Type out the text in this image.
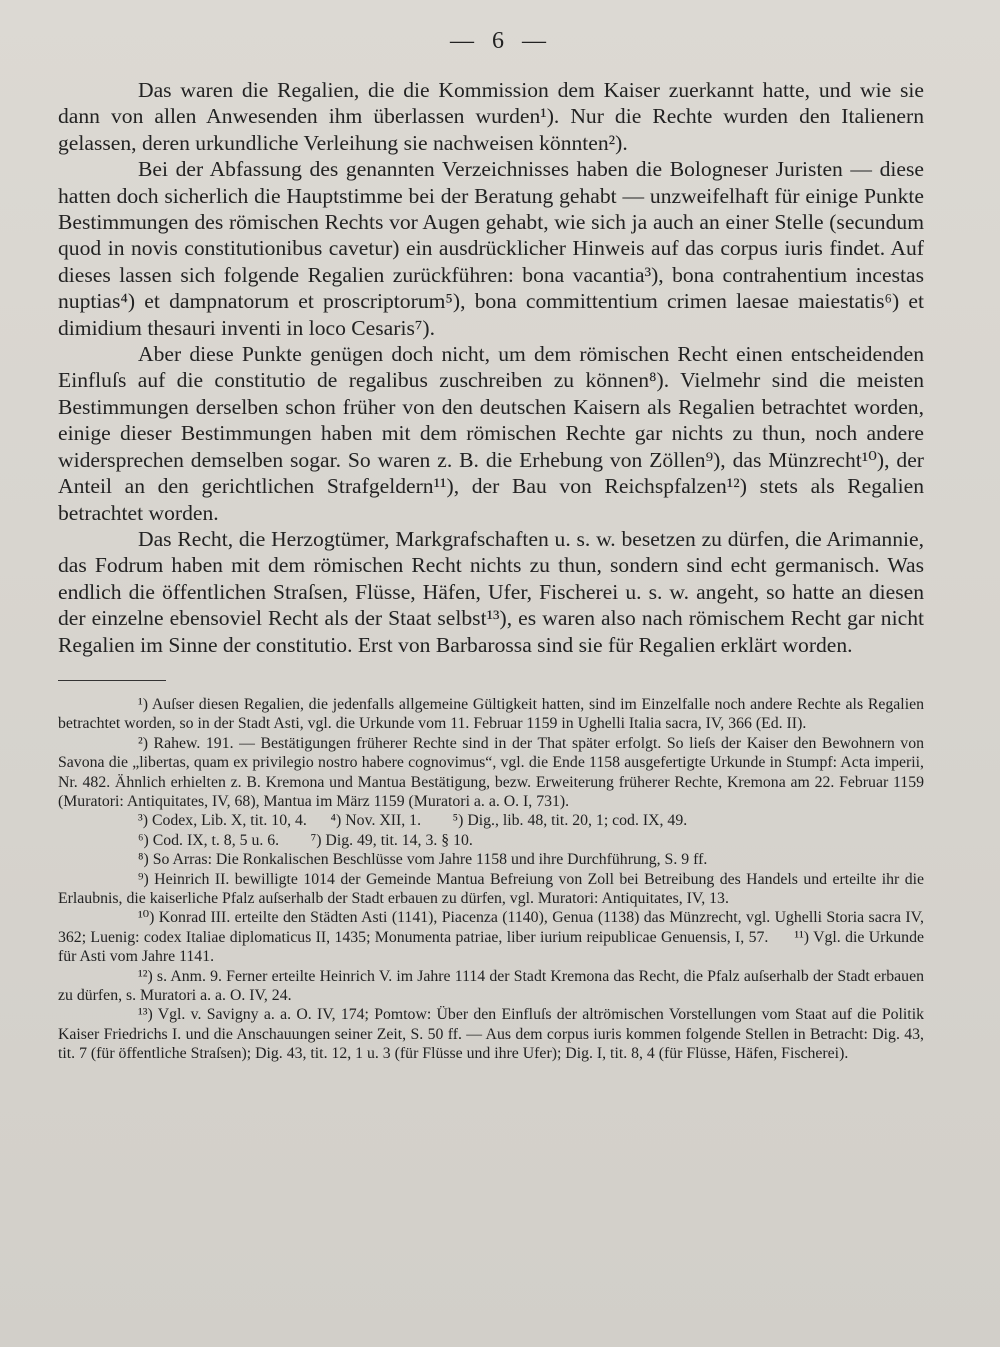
— 6 —

Das waren die Regalien, die die Kommission dem Kaiser zuerkannt hatte, und wie sie dann von allen Anwesenden ihm überlassen wurden¹). Nur die Rechte wurden den Italienern gelassen, deren urkundliche Verleihung sie nachweisen könnten²).

Bei der Abfassung des genannten Verzeichnisses haben die Bologneser Juristen — diese hatten doch sicherlich die Hauptstimme bei der Beratung gehabt — unzweifelhaft für einige Punkte Bestimmungen des römischen Rechts vor Augen gehabt, wie sich ja auch an einer Stelle (secundum quod in novis constitutionibus cavetur) ein ausdrücklicher Hinweis auf das corpus iuris findet. Auf dieses lassen sich folgende Regalien zurückführen: bona vacantia³), bona contrahentium incestas nuptias⁴) et dampnatorum et proscriptorum⁵), bona committentium crimen laesae maiestatis⁶) et dimidium thesauri inventi in loco Cesaris⁷).

Aber diese Punkte genügen doch nicht, um dem römischen Recht einen entscheidenden Einfluſs auf die constitutio de regalibus zuschreiben zu können⁸). Vielmehr sind die meisten Bestimmungen derselben schon früher von den deutschen Kaisern als Regalien betrachtet worden, einige dieser Bestimmungen haben mit dem römischen Rechte gar nichts zu thun, noch andere widersprechen demselben sogar. So waren z. B. die Erhebung von Zöllen⁹), das Münzrecht¹⁰), der Anteil an den gerichtlichen Strafgeldern¹¹), der Bau von Reichspfalzen¹²) stets als Regalien betrachtet worden.

Das Recht, die Herzogtümer, Markgrafschaften u. s. w. besetzen zu dürfen, die Arimannie, das Fodrum haben mit dem römischen Recht nichts zu thun, sondern sind echt germanisch. Was endlich die öffentlichen Straſsen, Flüsse, Häfen, Ufer, Fischerei u. s. w. angeht, so hatte an diesen der einzelne ebensoviel Recht als der Staat selbst¹³), es waren also nach römischem Recht gar nicht Regalien im Sinne der constitutio. Erst von Barbarossa sind sie für Regalien erklärt worden.

¹) Auſser diesen Regalien, die jedenfalls allgemeine Gültigkeit hatten, sind im Einzelfalle noch andere Rechte als Regalien betrachtet worden, so in der Stadt Asti, vgl. die Urkunde vom 11. Februar 1159 in Ughelli Italia sacra, IV, 366 (Ed. II).

²) Rahew. 191. — Bestätigungen früherer Rechte sind in der That später erfolgt. So lieſs der Kaiser den Bewohnern von Savona die „libertas, quam ex privilegio nostro habere cognovimus“, vgl. die Ende 1158 ausgefertigte Urkunde in Stumpf: Acta imperii, Nr. 482. Ähnlich erhielten z. B. Kremona und Mantua Bestätigung, bezw. Erweiterung früherer Rechte, Kremona am 22. Februar 1159 (Muratori: Antiquitates, IV, 68), Mantua im März 1159 (Muratori a. a. O. I, 731).

³) Codex, Lib. X, tit. 10, 4. ⁴) Nov. XII, 1. ⁵) Dig., lib. 48, tit. 20, 1; cod. IX, 49.
⁶) Cod. IX, t. 8, 5 u. 6. ⁷) Dig. 49, tit. 14, 3. § 10.

⁸) So Arras: Die Ronkalischen Beschlüsse vom Jahre 1158 und ihre Durchführung, S. 9 ff.

⁹) Heinrich II. bewilligte 1014 der Gemeinde Mantua Befreiung von Zoll bei Betreibung des Handels und erteilte ihr die Erlaubnis, die kaiserliche Pfalz auſserhalb der Stadt erbauen zu dürfen, vgl. Muratori: Antiquitates, IV, 13.

¹⁰) Konrad III. erteilte den Städten Asti (1141), Piacenza (1140), Genua (1138) das Münzrecht, vgl. Ughelli Storia sacra IV, 362; Luenig: codex Italiae diplomaticus II, 1435; Monumenta patriae, liber iurium reipublicae Genuensis, I, 57. ¹¹) Vgl. die Urkunde für Asti vom Jahre 1141.

¹²) s. Anm. 9. Ferner erteilte Heinrich V. im Jahre 1114 der Stadt Kremona das Recht, die Pfalz auſserhalb der Stadt erbauen zu dürfen, s. Muratori a. a. O. IV, 24.

¹³) Vgl. v. Savigny a. a. O. IV, 174; Pomtow: Über den Einfluſs der altrömischen Vorstellungen vom Staat auf die Politik Kaiser Friedrichs I. und die Anschauungen seiner Zeit, S. 50 ff. — Aus dem corpus iuris kommen folgende Stellen in Betracht: Dig. 43, tit. 7 (für öffentliche Straſsen); Dig. 43, tit. 12, 1 u. 3 (für Flüsse und ihre Ufer); Dig. I, tit. 8, 4 (für Flüsse, Häfen, Fischerei).
